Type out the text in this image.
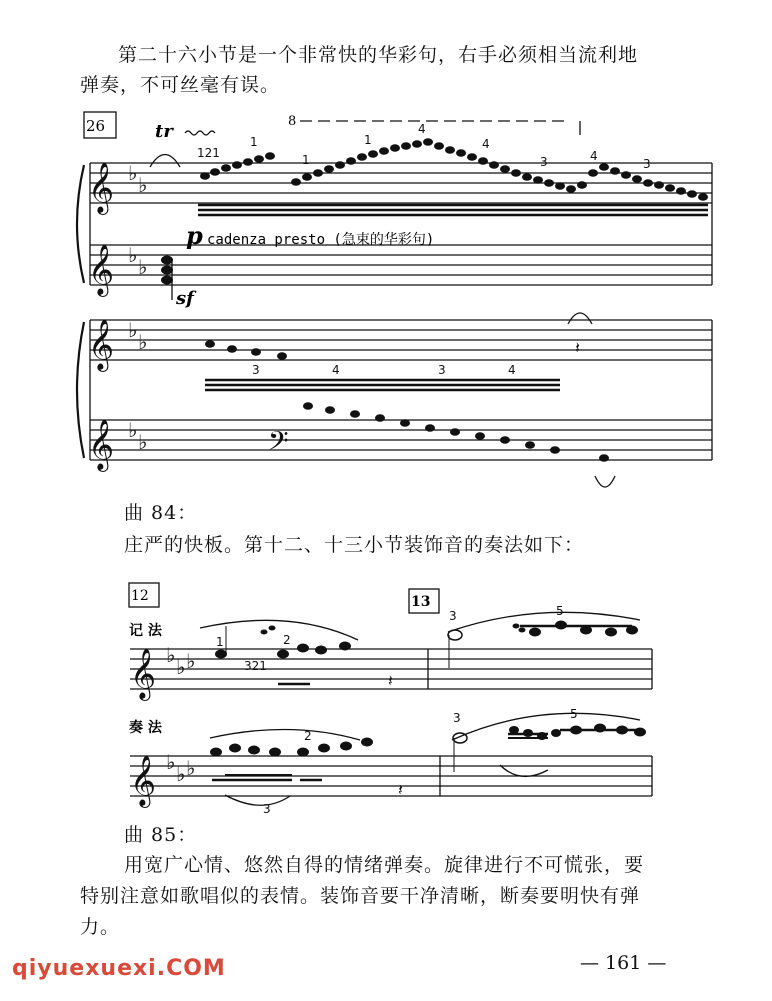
第二十六小节是一个非常快的华彩句，右手必须相当流利地
弹奏，不可丝毫有误。
𝄞 ♭ ♭
𝄞 ♭ ♭
𝄞 ♭ ♭
𝄞 ♭ ♭	𝄢
𝄽
26	tr	8
121
1
1
1
4
4
3	4
3
3	4	3	4
p cadenza presto (急束的华彩句)
sf
曲 84：
庄严的快板。第十二、十三小节装饰音的奏法如下：
𝄞 ♭ ♭ ♭
𝄞 ♭ ♭ ♭
𝄽
𝄽
12	13
记 法
奏 法
1
321
2
3	5
2
3
3	5
曲 85：
用宽广心情、悠然自得的情绪弹奏。旋律进行不可慌张，要
特别注意如歌唱似的表情。装饰音要干净清晰，断奏要明快有弹
力。
— 161 —
qiyuexuexi.COM
